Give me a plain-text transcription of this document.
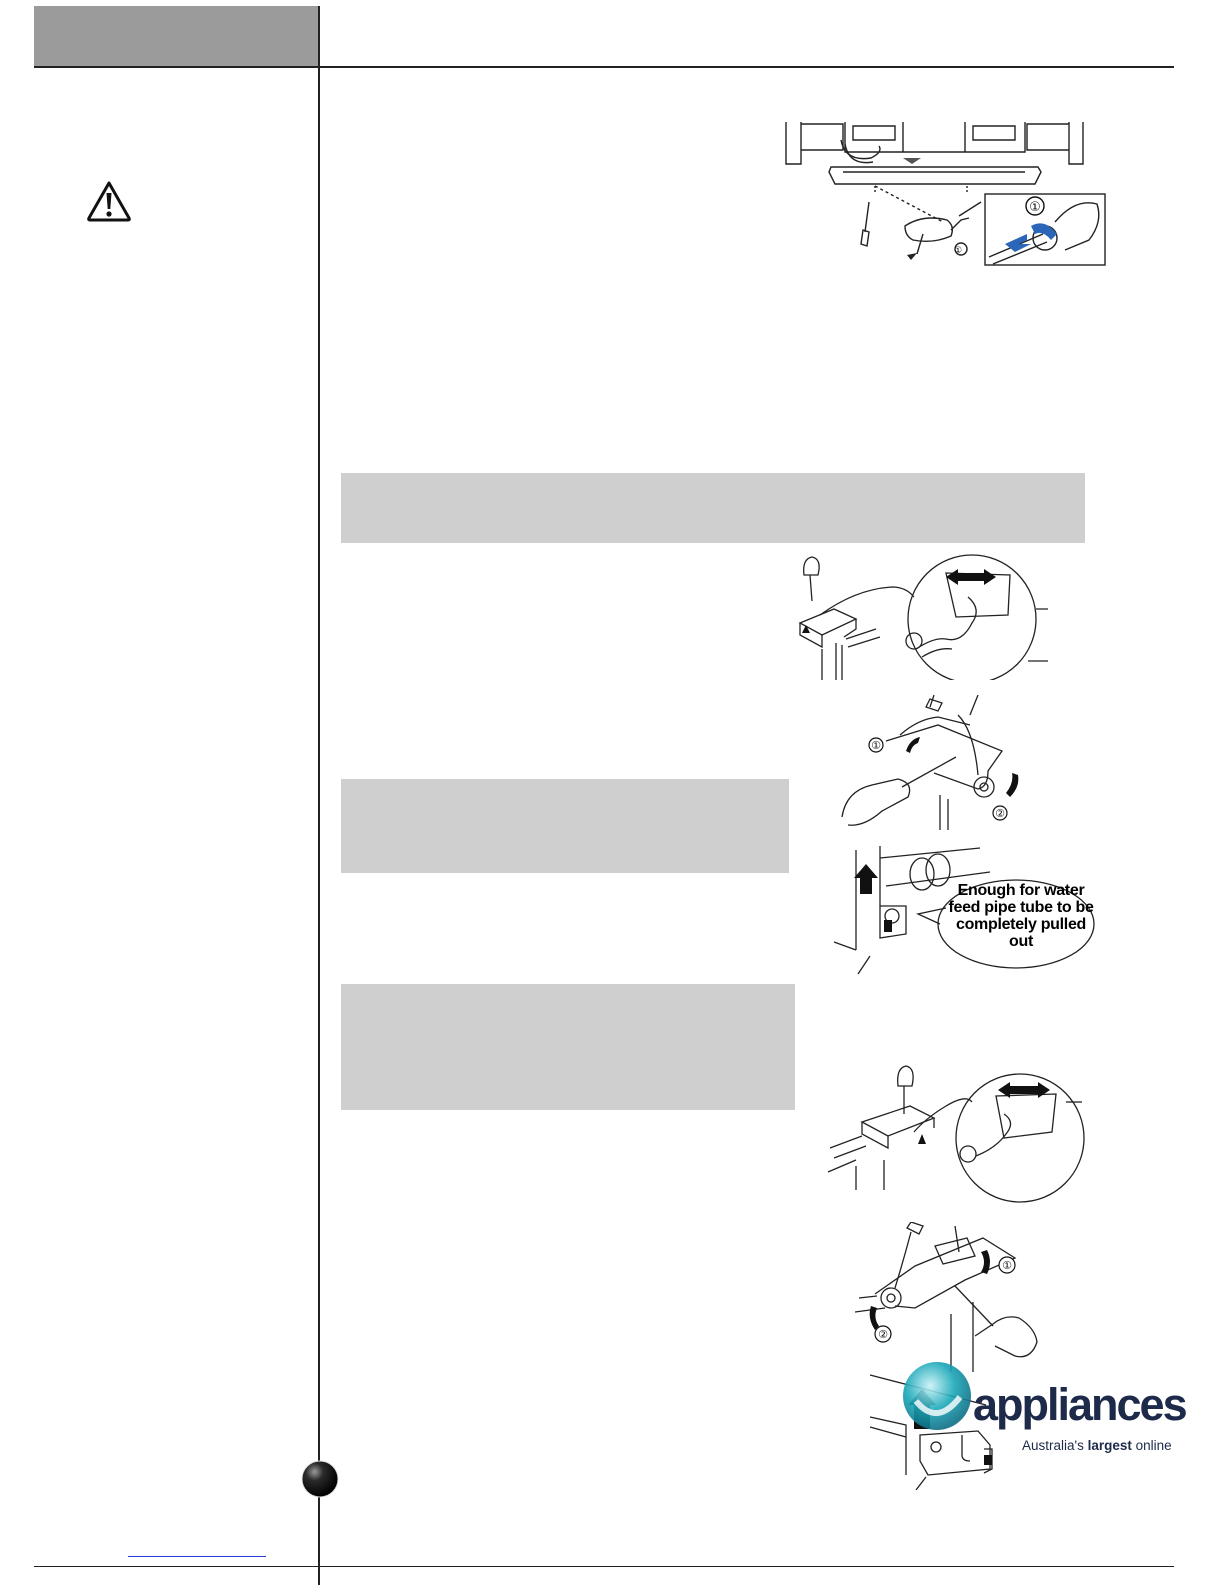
①
①
①
②
Enough for water feed pipe tube to be completely pulled out
①
②
appliances
Australia's largest online
